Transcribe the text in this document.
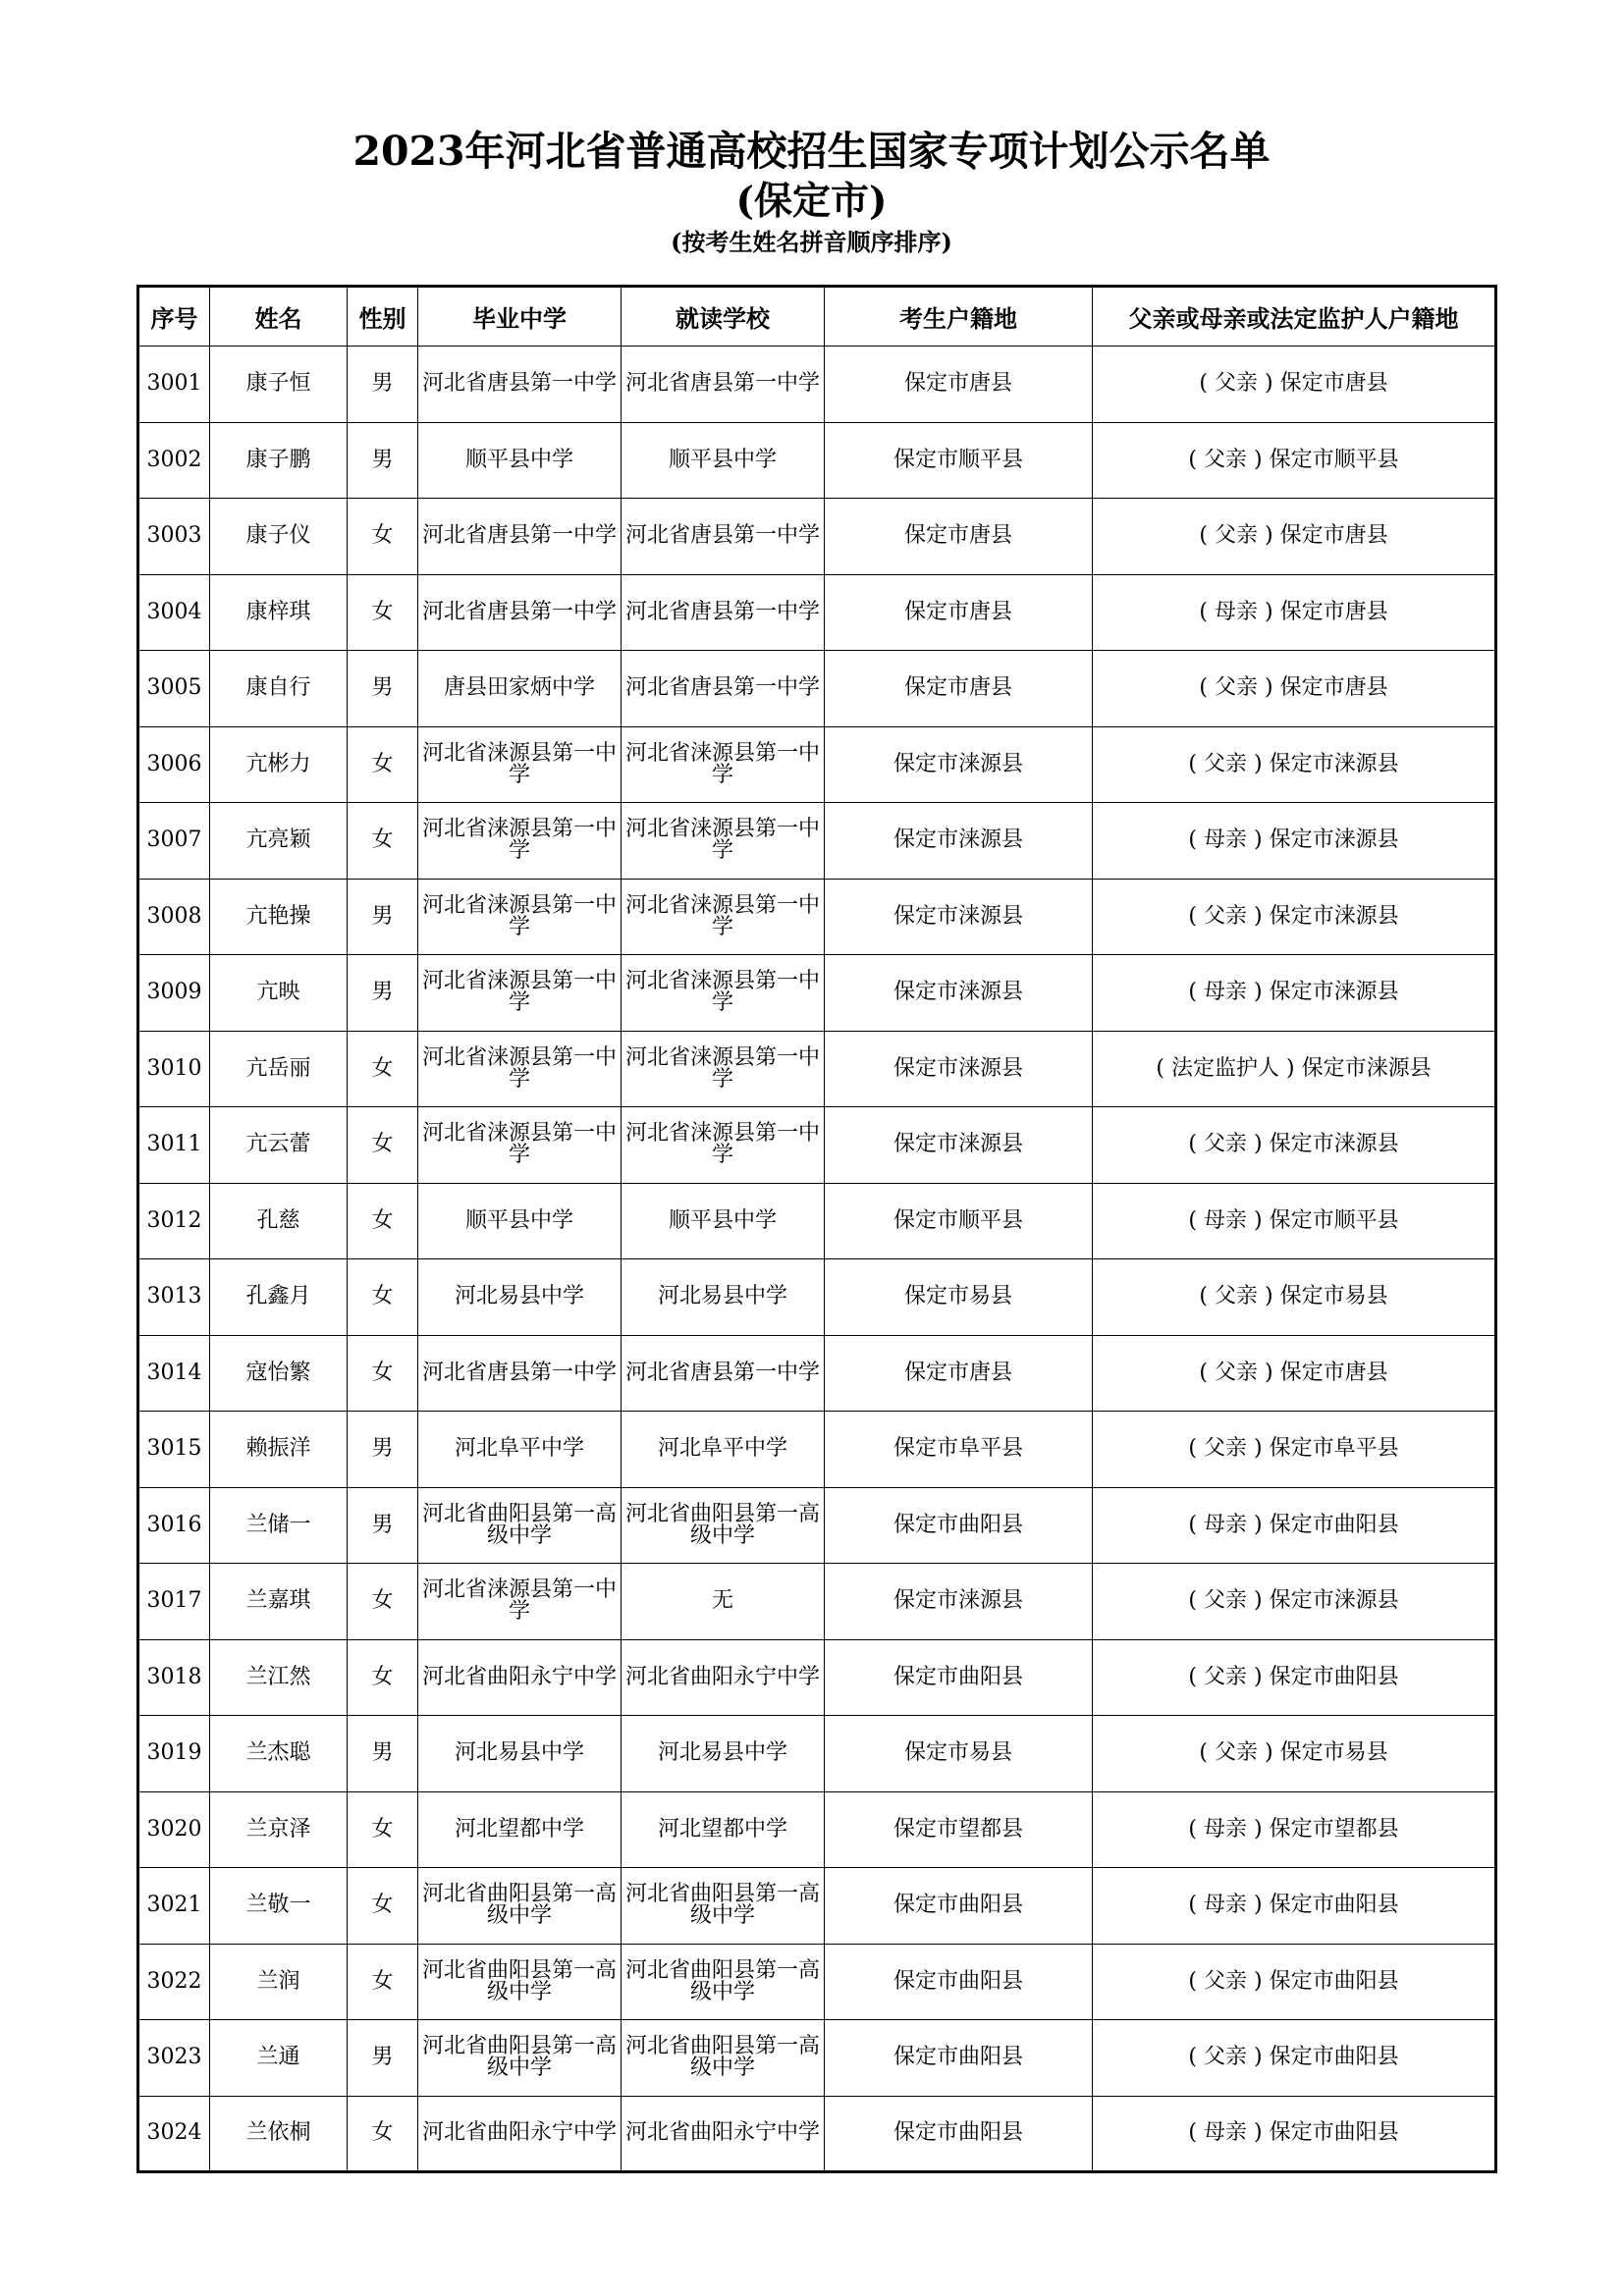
2023年河北省普通高校招生国家专项计划公示名单
(保定市)
(按考生姓名拼音顺序排序)
序号	姓名	性别	毕业中学	就读学校	考生户籍地	父亲或母亲或法定监护人户籍地
3001	康子恒	男	河北省唐县第一中学	河北省唐县第一中学	保定市唐县	( 父亲 ) 保定市唐县
3002	康子鹏	男	顺平县中学	顺平县中学	保定市顺平县	( 父亲 ) 保定市顺平县
3003	康子仪	女	河北省唐县第一中学	河北省唐县第一中学	保定市唐县	( 父亲 ) 保定市唐县
3004	康梓琪	女	河北省唐县第一中学	河北省唐县第一中学	保定市唐县	( 母亲 ) 保定市唐县
3005	康自行	男	唐县田家炳中学	河北省唐县第一中学	保定市唐县	( 父亲 ) 保定市唐县
3006	亢彬力	女	河北省涞源县第一中学	河北省涞源县第一中学	保定市涞源县	( 父亲 ) 保定市涞源县
3007	亢亮颖	女	河北省涞源县第一中学	河北省涞源县第一中学	保定市涞源县	( 母亲 ) 保定市涞源县
3008	亢艳操	男	河北省涞源县第一中学	河北省涞源县第一中学	保定市涞源县	( 父亲 ) 保定市涞源县
3009	亢映	男	河北省涞源县第一中学	河北省涞源县第一中学	保定市涞源县	( 母亲 ) 保定市涞源县
3010	亢岳丽	女	河北省涞源县第一中学	河北省涞源县第一中学	保定市涞源县	( 法定监护人 ) 保定市涞源县
3011	亢云蕾	女	河北省涞源县第一中学	河北省涞源县第一中学	保定市涞源县	( 父亲 ) 保定市涞源县
3012	孔慈	女	顺平县中学	顺平县中学	保定市顺平县	( 母亲 ) 保定市顺平县
3013	孔鑫月	女	河北易县中学	河北易县中学	保定市易县	( 父亲 ) 保定市易县
3014	寇怡繁	女	河北省唐县第一中学	河北省唐县第一中学	保定市唐县	( 父亲 ) 保定市唐县
3015	赖振洋	男	河北阜平中学	河北阜平中学	保定市阜平县	( 父亲 ) 保定市阜平县
3016	兰储一	男	河北省曲阳县第一高级中学	河北省曲阳县第一高级中学	保定市曲阳县	( 母亲 ) 保定市曲阳县
3017	兰嘉琪	女	河北省涞源县第一中学	无	保定市涞源县	( 父亲 ) 保定市涞源县
3018	兰江然	女	河北省曲阳永宁中学	河北省曲阳永宁中学	保定市曲阳县	( 父亲 ) 保定市曲阳县
3019	兰杰聪	男	河北易县中学	河北易县中学	保定市易县	( 父亲 ) 保定市易县
3020	兰京泽	女	河北望都中学	河北望都中学	保定市望都县	( 母亲 ) 保定市望都县
3021	兰敬一	女	河北省曲阳县第一高级中学	河北省曲阳县第一高级中学	保定市曲阳县	( 母亲 ) 保定市曲阳县
3022	兰润	女	河北省曲阳县第一高级中学	河北省曲阳县第一高级中学	保定市曲阳县	( 父亲 ) 保定市曲阳县
3023	兰通	男	河北省曲阳县第一高级中学	河北省曲阳县第一高级中学	保定市曲阳县	( 父亲 ) 保定市曲阳县
3024	兰依桐	女	河北省曲阳永宁中学	河北省曲阳永宁中学	保定市曲阳县	( 母亲 ) 保定市曲阳县
